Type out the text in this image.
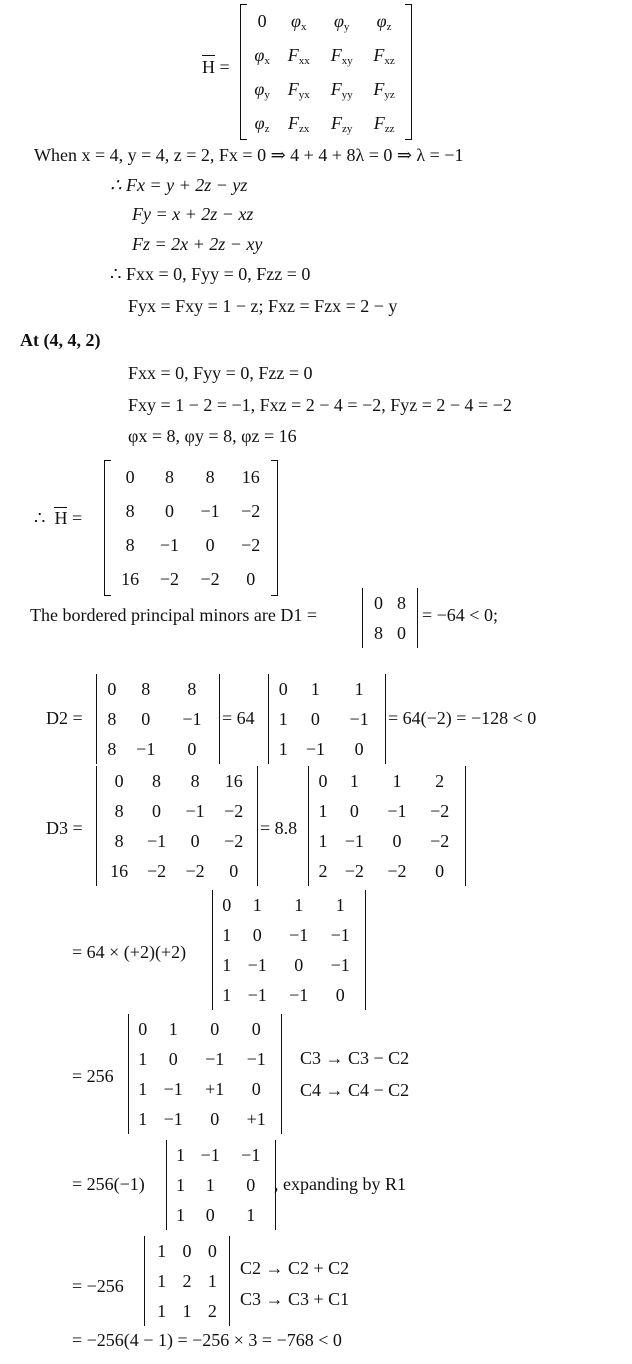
H =
0	$\varphi_x$	$\varphi_y$	$\varphi_z$
$\varphi_x$	$F_{xx}$	$F_{xy}$	$F_{xz}$
$\varphi_y$	$F_{yx}$	$F_{yy}$	$F_{yz}$
$\varphi_z$	$F_{zx}$	$F_{zy}$	$F_{zz}$
When x = 4, y = 4, z = 2, Fx = 0 ⇒ 4 + 4 + 8λ = 0 ⇒ λ = −1
∴ Fx = y + 2z − yz
Fy = x + 2z − xz
Fz = 2x + 2z − xy
∴ Fxx = 0, Fyy = 0, Fzz = 0
Fyx = Fxy = 1 − z; Fxz = Fzx = 2 − y
At (4, 4, 2)
Fxx = 0, Fyy = 0, Fzz = 0
Fxy = 1 − 2 = −1, Fxz = 2 − 4 = −2, Fyz = 2 − 4 = −2
φx = 8, φy = 8, φz = 16
∴  H =
0	8	8	16
8	0	−1	−2
8	−1	0	−2
16	−2	−2	0
The bordered principal minors are D1 =
0	8
8	0
= −64 < 0;
D2 =
0	8	8
8	0	−1
8	−1	0
= 64
0	1	1
1	0	−1
1	−1	0
= 64(−2) = −128 < 0
D3 =
0	8	8	16
8	0	−1	−2
8	−1	0	−2
16	−2	−2	0
= 8.8
0	1	1	2
1	0	−1	−2
1	−1	0	−2
2	−2	−2	0
= 64 × (+2)(+2)
0	1	1	1
1	0	−1	−1
1	−1	0	−1
1	−1	−1	0
= 256
0	1	0	0
1	0	−1	−1
1	−1	+1	0
1	−1	0	+1
C3 → C3 − C2
C4 → C4 − C2
= 256(−1)
1	−1	−1
1	1	0
1	0	1
, expanding by R1
= −256
1	0	0
1	2	1
1	1	2
C2 → C2 + C2
C3 → C3 + C1
= −256(4 − 1) = −256 × 3 = −768 < 0
